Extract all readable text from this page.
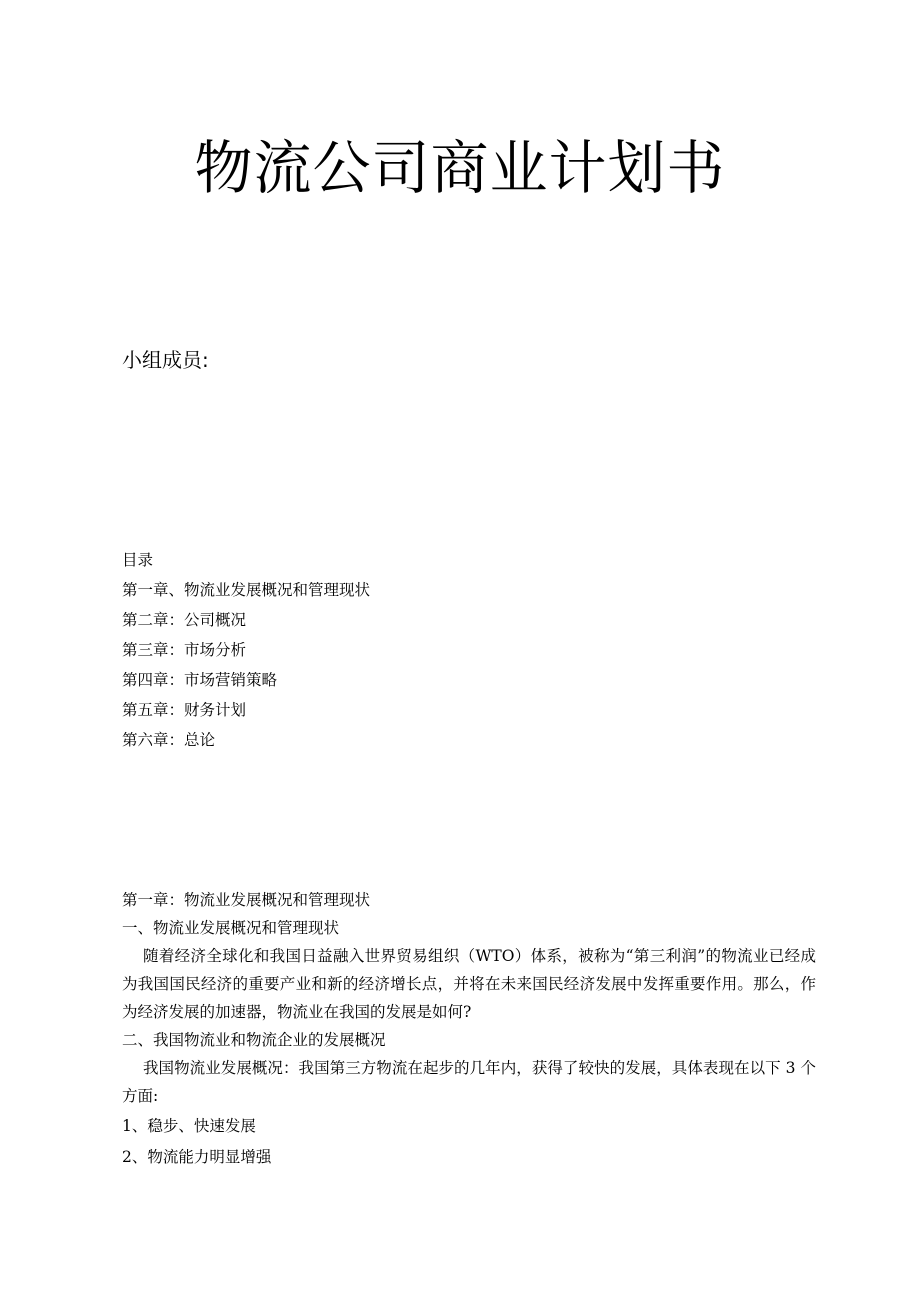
物流公司商业计划书

小组成员:

目录
第一章、物流业发展概况和管理现状
第二章：公司概况
第三章：市场分析
第四章：市场营销策略
第五章：财务计划
第六章：总论
第一章：物流业发展概况和管理现状
一、物流业发展概况和管理现状
随着经济全球化和我国日益融入世界贸易组织（WTO）体系，被称为“第三利润”的物流业已经成为我国国民经济的重要产业和新的经济增长点，并将在未来国民经济发展中发挥重要作用。那么，作为经济发展的加速器，物流业在我国的发展是如何?
二、我国物流业和物流企业的发展概况
我国物流业发展概况：我国第三方物流在起步的几年内，获得了较快的发展，具体表现在以下 3 个方面:
1、稳步、快速发展
2、物流能力明显增强
